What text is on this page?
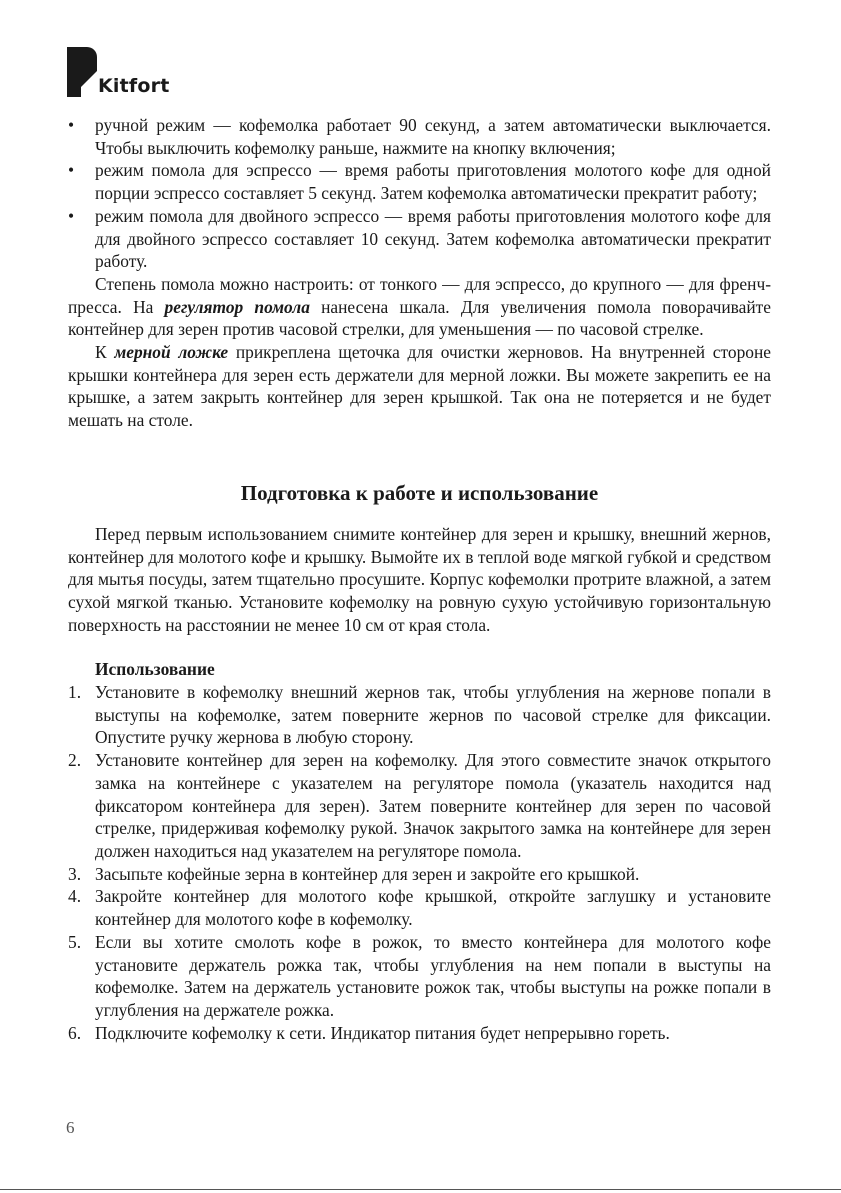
Kitfort
• ручной режим — кофемолка работает 90 секунд, а затем автоматически выключается. Чтобы выключить кофемолку раньше, нажмите на кнопку включения;
• режим помола для эспрессо — время работы приготовления молотого кофе для одной порции эспрессо составляет 5 секунд. Затем кофемолка автоматически прекратит работу;
• режим помола для двойного эспрессо — время работы приготовления молотого кофе для для двойного эспрессо составляет 10 секунд. Затем кофемолка автоматически прекратит работу.

Степень помола можно настроить: от тонкого — для эспрессо, до крупного — для френч-пресса. На регулятор помола нанесена шкала. Для увеличения помола поворачивайте контейнер для зерен против часовой стрелки, для уменьшения — по часовой стрелке.

К мерной ложке прикреплена щеточка для очистки жерновов. На внутренней стороне крышки контейнера для зерен есть держатели для мерной ложки. Вы можете закрепить ее на крышке, а затем закрыть контейнер для зерен крышкой. Так она не потеряется и не будет мешать на столе.

Подготовка к работе и использование

Перед первым использованием снимите контейнер для зерен и крышку, внешний жернов, контейнер для молотого кофе и крышку. Вымойте их в теплой воде мягкой губкой и средством для мытья посуды, затем тщательно просушите. Корпус кофемолки протрите влажной, а затем сухой мягкой тканью. Установите кофемолку на ровную сухую устойчивую горизонтальную поверхность на расстоянии не менее 10 см от края стола.

Использование
1. Установите в кофемолку внешний жернов так, чтобы углубления на жернове попали в выступы на кофемолке, затем поверните жернов по часовой стрелке для фиксации. Опустите ручку жернова в любую сторону.
2. Установите контейнер для зерен на кофемолку. Для этого совместите значок открытого замка на контейнере с указателем на регуляторе помола (указатель находится над фиксатором контейнера для зерен). Затем поверните контейнер для зерен по часовой стрелке, придерживая кофемолку рукой. Значок закрытого замка на контейнере для зерен должен находиться над указателем на регуляторе помола.
3. Засыпьте кофейные зерна в контейнер для зерен и закройте его крышкой.
4. Закройте контейнер для молотого кофе крышкой, откройте заглушку и установите контейнер для молотого кофе в кофемолку.
5. Если вы хотите смолоть кофе в рожок, то вместо контейнера для молотого кофе установите держатель рожка так, чтобы углубления на нем попали в выступы на кофемолке. Затем на держатель установите рожок так, чтобы выступы на рожке попали в углубления на держателе рожка.
6. Подключите кофемолку к сети. Индикатор питания будет непрерывно гореть.
6
